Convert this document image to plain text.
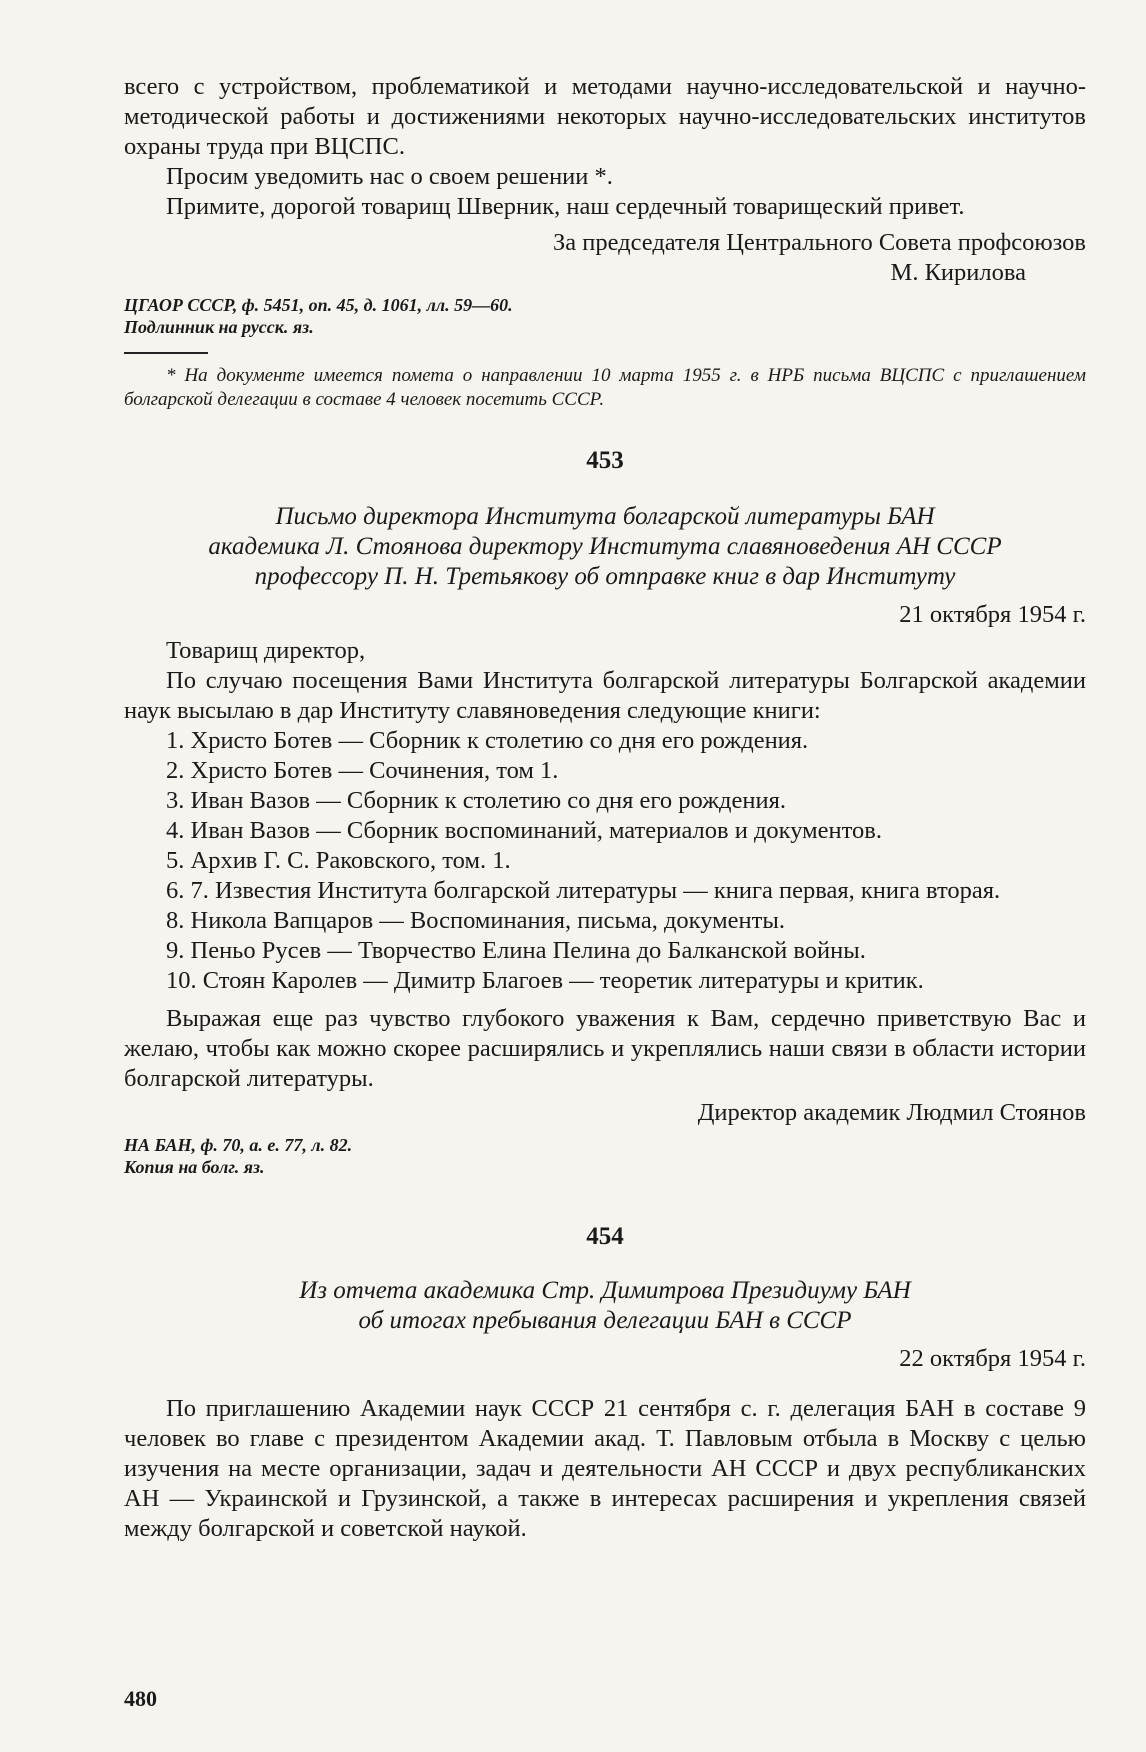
всего с устройством, проблематикой и методами научно-исследовательской и научно-методической работы и достижениями некоторых научно-исследовательских институтов охраны труда при ВЦСПС.

Просим уведомить нас о своем решении *.

Примите, дорогой товарищ Шверник, наш сердечный товарищеский привет.

За председателя Центрального Совета профсоюзов

М. Кирилова

ЦГАОР СССР, ф. 5451, оп. 45, д. 1061, лл. 59—60.

Подлинник на русск. яз.

* На документе имеется помета о направлении 10 марта 1955 г. в НРБ письма ВЦСПС с приглашением болгарской делегации в составе 4 человек посетить СССР.

453

Письмо директора Института болгарской литературы БАН

академика Л. Стоянова директору Института славяноведения АН СССР

профессору П. Н. Третьякову об отправке книг в дар Институту

21 октября 1954 г.

Товарищ директор,

По случаю посещения Вами Института болгарской литературы Болгарской академии наук высылаю в дар Институту славяноведения следующие книги:

1. Христо Ботев — Сборник к столетию со дня его рождения.

2. Христо Ботев — Сочинения, том 1.

3. Иван Вазов — Сборник к столетию со дня его рождения.

4. Иван Вазов — Сборник воспоминаний, материалов и документов.

5. Архив Г. С. Раковского, том. 1.

6. 7. Известия Института болгарской литературы — книга первая, книга вторая.

8. Никола Вапцаров — Воспоминания, письма, документы.

9. Пеньо Русев — Творчество Елина Пелина до Балканской войны.

10. Стоян Каролев — Димитр Благоев — теоретик литературы и критик.

Выражая еще раз чувство глубокого уважения к Вам, сердечно приветствую Вас и желаю, чтобы как можно скорее расширялись и укреплялись наши связи в области истории болгарской литературы.

Директор академик Людмил Стоянов

НА БАН, ф. 70, а. е. 77, л. 82.

Копия на болг. яз.

454

Из отчета академика Стр. Димитрова Президиуму БАН

об итогах пребывания делегации БАН в СССР

22 октября 1954 г.

По приглашению Академии наук СССР 21 сентября с. г. делегация БАН в составе 9 человек во главе с президентом Академии акад. Т. Павловым отбыла в Москву с целью изучения на месте организации, задач и деятельности АН СССР и двух республиканских АН — Украинской и Грузинской, а также в интересах расширения и укрепления связей между болгарской и советской наукой.

480
